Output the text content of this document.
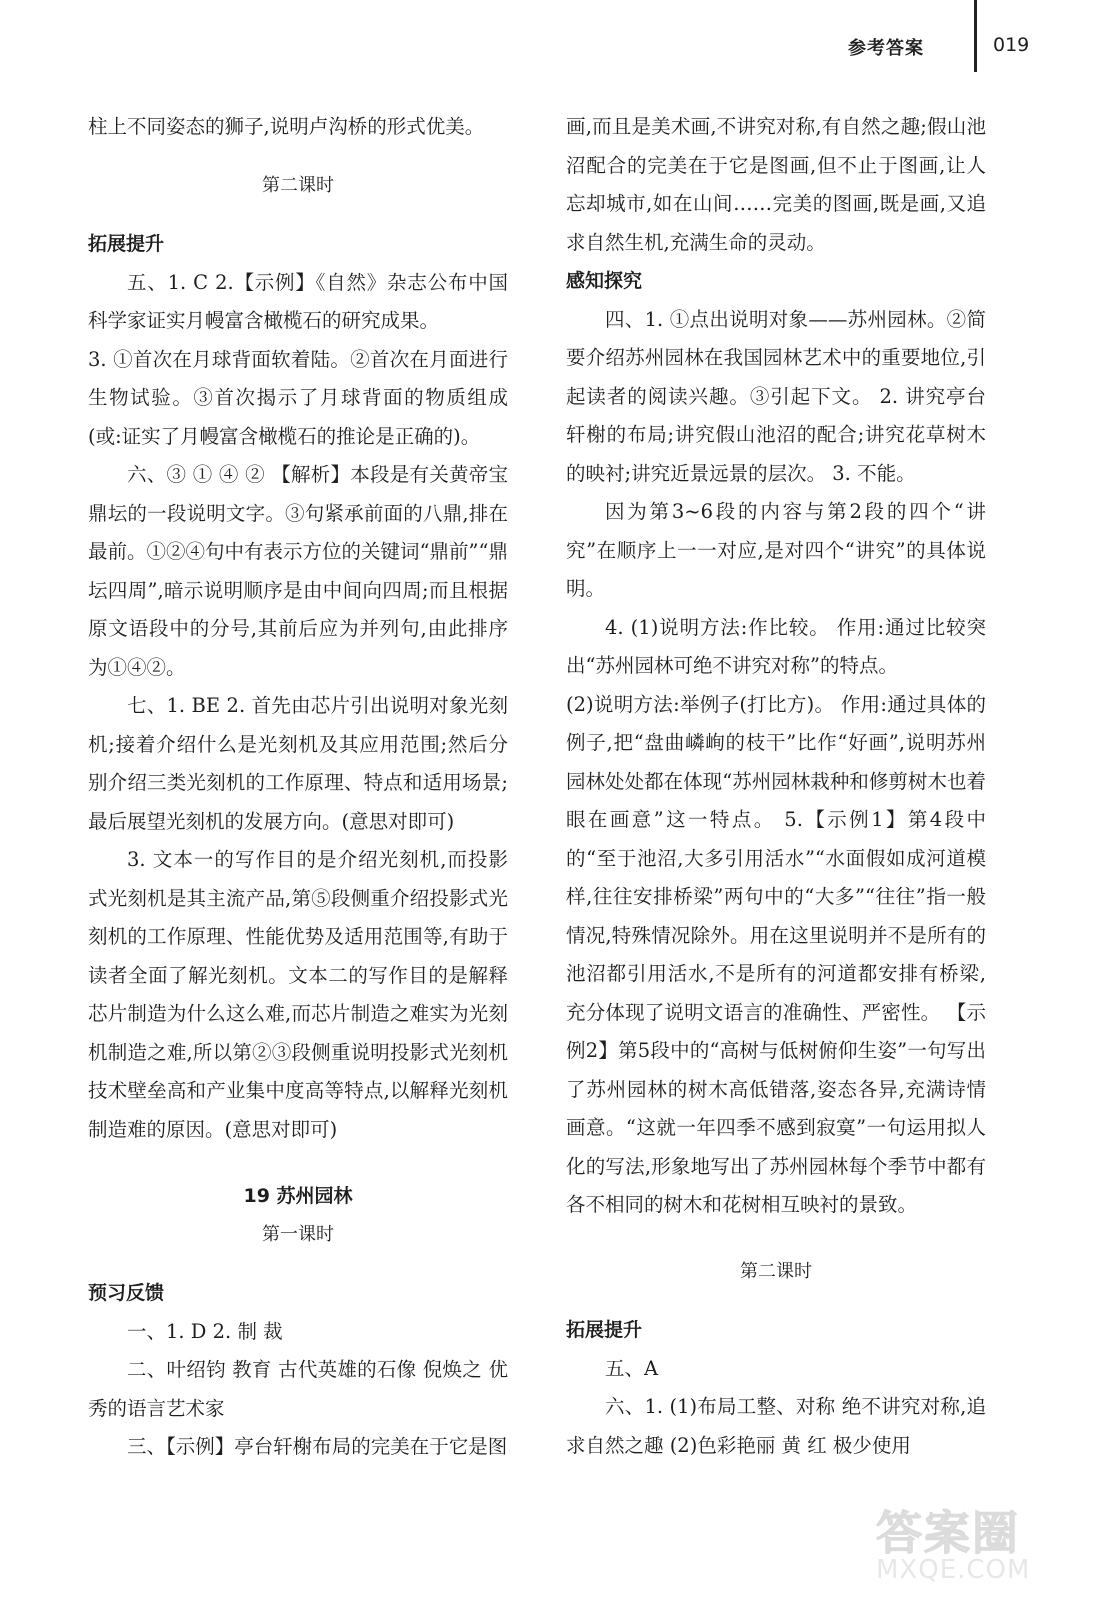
参考答案	019

柱上不同姿态的狮子,说明卢沟桥的形式优美。

第二课时

拓展提升

五、1. C 2.【示例】《自然》杂志公布中国科学家证实月幔富含橄榄石的研究成果。

3. ①首次在月球背面软着陆。②首次在月面进行生物试验。③首次揭示了月球背面的物质组成(或:证实了月幔富含橄榄石的推论是正确的)。

六、③ ① ④ ② 【解析】本段是有关黄帝宝鼎坛的一段说明文字。③句紧承前面的八鼎,排在最前。①②④句中有表示方位的关键词“鼎前”“鼎坛四周”,暗示说明顺序是由中间向四周;而且根据原文语段中的分号,其前后应为并列句,由此排序为①④②。

七、1. BE 2. 首先由芯片引出说明对象光刻机;接着介绍什么是光刻机及其应用范围;然后分别介绍三类光刻机的工作原理、特点和适用场景;最后展望光刻机的发展方向。(意思对即可)

3. 文本一的写作目的是介绍光刻机,而投影式光刻机是其主流产品,第⑤段侧重介绍投影式光刻机的工作原理、性能优势及适用范围等,有助于读者全面了解光刻机。文本二的写作目的是解释芯片制造为什么这么难,而芯片制造之难实为光刻机制造之难,所以第②③段侧重说明投影式光刻机技术壁垒高和产业集中度高等特点,以解释光刻机制造难的原因。(意思对即可)

19 苏州园林

第一课时

预习反馈

一、1. D 2. 制 裁

二、叶绍钧 教育 古代英雄的石像 倪焕之 优秀的语言艺术家

三、【示例】亭台轩榭布局的完美在于它是图

画,而且是美术画,不讲究对称,有自然之趣;假山池沼配合的完美在于它是图画,但不止于图画,让人忘却城市,如在山间……完美的图画,既是画,又追求自然生机,充满生命的灵动。

感知探究

四、1. ①点出说明对象——苏州园林。②简要介绍苏州园林在我国园林艺术中的重要地位,引起读者的阅读兴趣。③引起下文。 2. 讲究亭台轩榭的布局;讲究假山池沼的配合;讲究花草树木的映衬;讲究近景远景的层次。 3. 不能。

因为第3~6段的内容与第2段的四个“讲究”在顺序上一一对应,是对四个“讲究”的具体说明。

4. (1)说明方法:作比较。 作用:通过比较突出“苏州园林可绝不讲究对称”的特点。

(2)说明方法:举例子(打比方)。 作用:通过具体的例子,把“盘曲嶙峋的枝干”比作“好画”,说明苏州园林处处都在体现“苏州园林栽种和修剪树木也着眼在画意”这一特点。 5.【示例1】第4段中的“至于池沼,大多引用活水”“水面假如成河道模样,往往安排桥梁”两句中的“大多”“往往”指一般情况,特殊情况除外。用在这里说明并不是所有的池沼都引用活水,不是所有的河道都安排有桥梁,充分体现了说明文语言的准确性、严密性。 【示例2】第5段中的“高树与低树俯仰生姿”一句写出了苏州园林的树木高低错落,姿态各异,充满诗情画意。“这就一年四季不感到寂寞”一句运用拟人化的写法,形象地写出了苏州园林每个季节中都有各不相同的树木和花树相互映衬的景致。

第二课时

拓展提升

五、A

六、1. (1)布局工整、对称 绝不讲究对称,追求自然之趣 (2)色彩艳丽 黄 红 极少使用

答案圈
MXQE.COM
